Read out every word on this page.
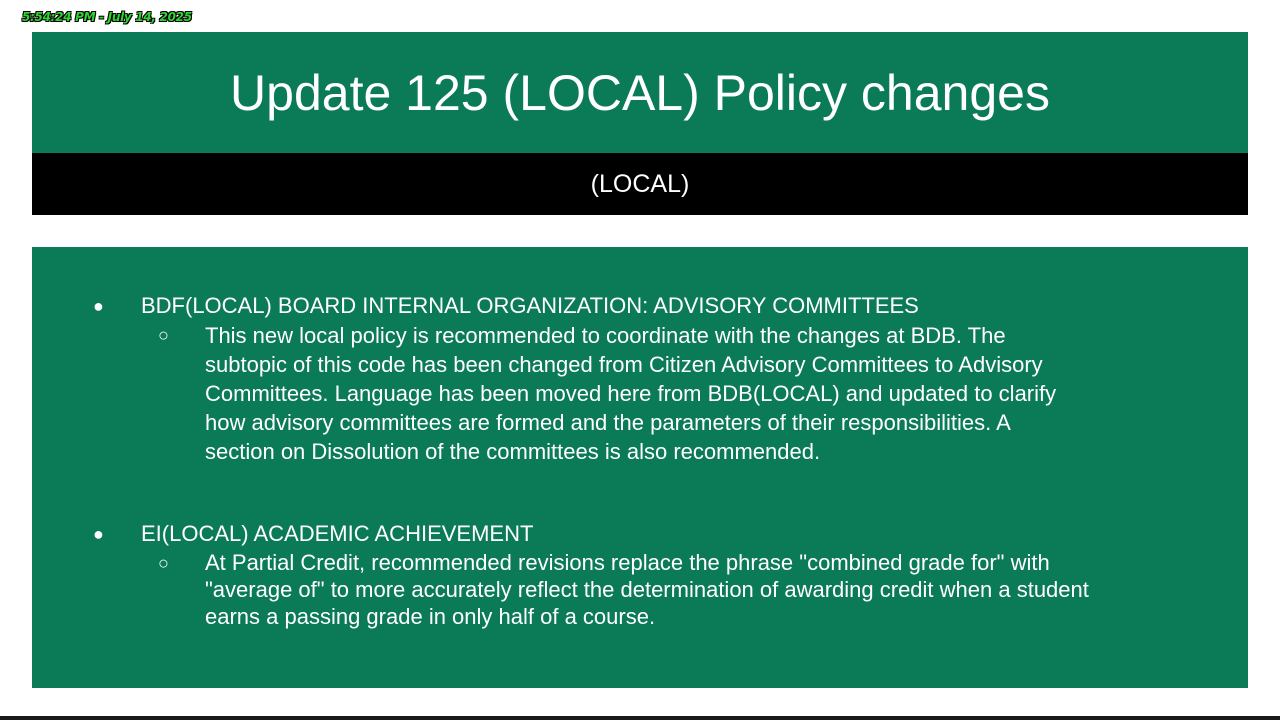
5:54:24 PM - July 14, 2025
Update 125 (LOCAL) Policy changes
(LOCAL)
● BDF(LOCAL) BOARD INTERNAL ORGANIZATION: ADVISORY COMMITTEES
○ This new local policy is recommended to coordinate with the changes at BDB. The
subtopic of this code has been changed from Citizen Advisory Committees to Advisory
Committees. Language has been moved here from BDB(LOCAL) and updated to clarify
how advisory committees are formed and the parameters of their responsibilities. A
section on Dissolution of the committees is also recommended.
● EI(LOCAL) ACADEMIC ACHIEVEMENT
○ At Partial Credit, recommended revisions replace the phrase "combined grade for" with
"average of" to more accurately reflect the determination of awarding credit when a student
earns a passing grade in only half of a course.
